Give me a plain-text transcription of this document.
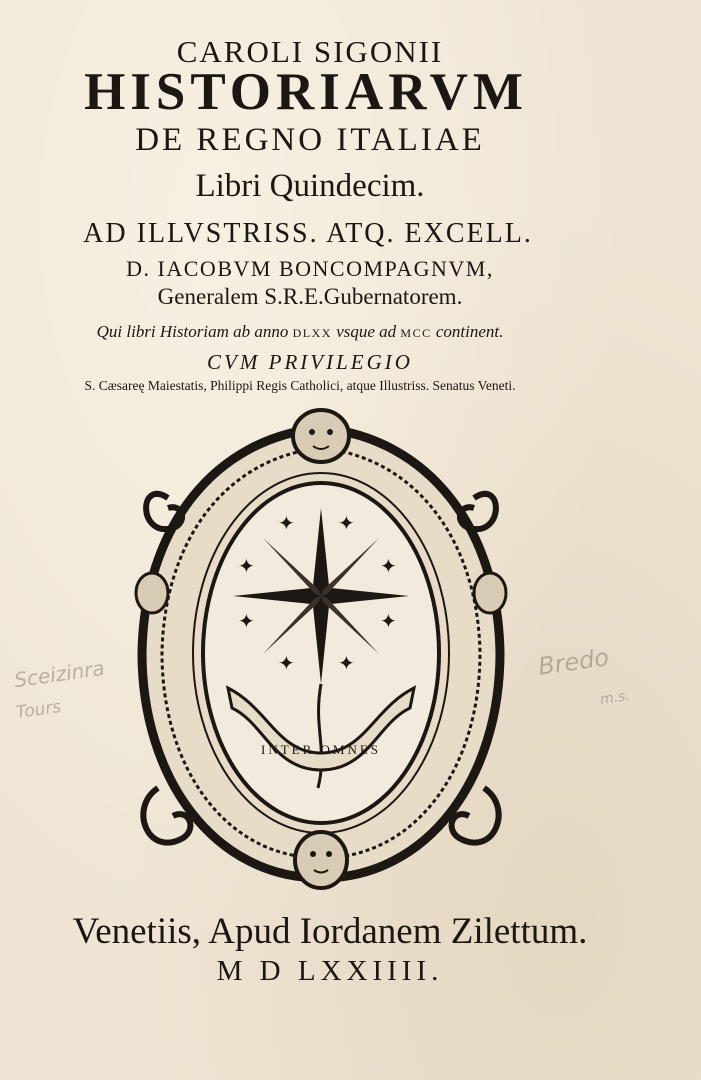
CAROLI SIGONII
HISTORIARVM
DE REGNO ITALIAE
Libri Quindecim.
AD ILLVSTRISS. ATQ. EXCELL.
D. IACOBVM BONCOMPAGNVM,
Generalem S.R.E.Gubernatorem.
Qui libri Historiam ab anno DLXX vsque ad MCC continent.
CVM PRIVILEGIO
S. Cæsareę Maiestatis, Philippi Regis Catholici, atque Illustriss. Senatus Veneti.
✦ ✦
✦	✦
✦	✦
✦ ✦
INTER OMNES
Venetiis, Apud Iordanem Zilettum.
M D LXXIIII.
Sceizinra
Tours
Bredo
m.s.
